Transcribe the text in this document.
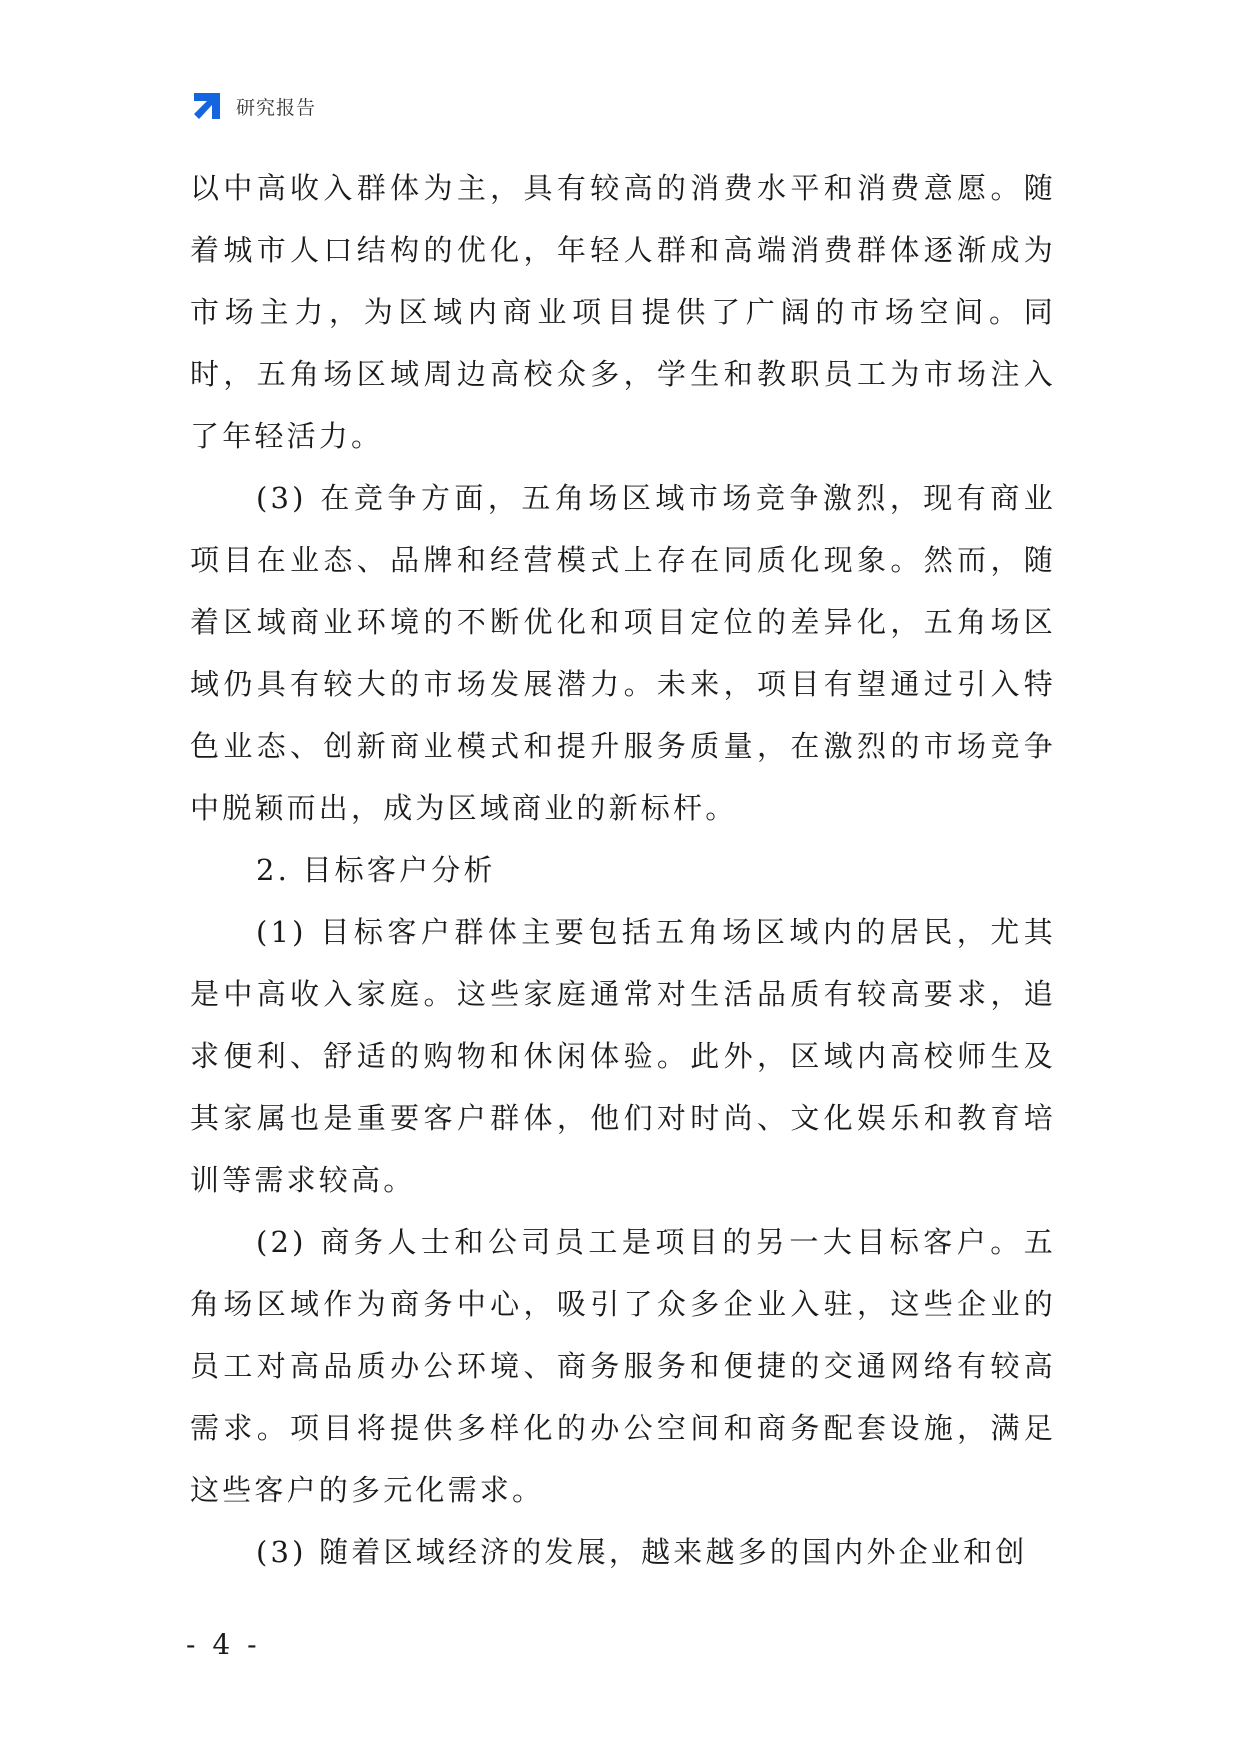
研究报告

以中高收入群体为主，具有较高的消费水平和消费意愿。随着城市人口结构的优化，年轻人群和高端消费群体逐渐成为市场主力，为区域内商业项目提供了广阔的市场空间。同时，五角场区域周边高校众多，学生和教职员工为市场注入了年轻活力。

(3) 在竞争方面，五角场区域市场竞争激烈，现有商业项目在业态、品牌和经营模式上存在同质化现象。然而，随着区域商业环境的不断优化和项目定位的差异化，五角场区域仍具有较大的市场发展潜力。未来，项目有望通过引入特色业态、创新商业模式和提升服务质量，在激烈的市场竞争中脱颖而出，成为区域商业的新标杆。

2. 目标客户分析

(1) 目标客户群体主要包括五角场区域内的居民，尤其是中高收入家庭。这些家庭通常对生活品质有较高要求，追求便利、舒适的购物和休闲体验。此外，区域内高校师生及其家属也是重要客户群体，他们对时尚、文化娱乐和教育培训等需求较高。

(2) 商务人士和公司员工是项目的另一大目标客户。五角场区域作为商务中心，吸引了众多企业入驻，这些企业的员工对高品质办公环境、商务服务和便捷的交通网络有较高需求。项目将提供多样化的办公空间和商务配套设施，满足这些客户的多元化需求。

(3) 随着区域经济的发展，越来越多的国内外企业和创

- 4 -
